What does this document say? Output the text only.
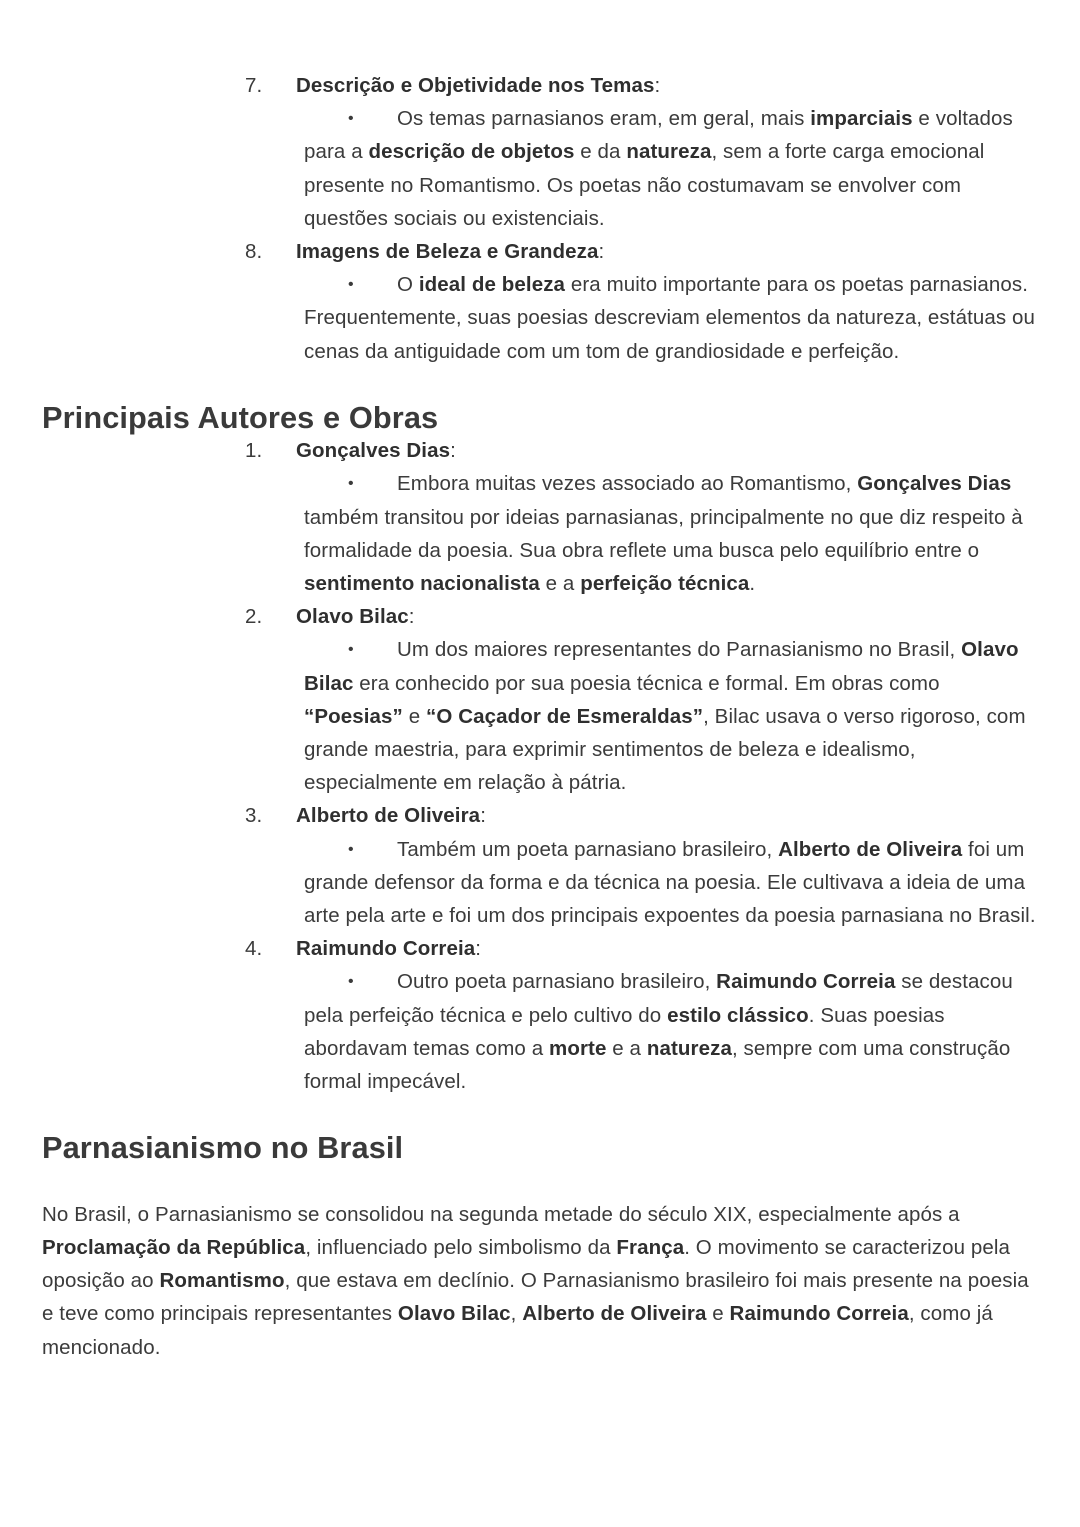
7. Descrição e Objetividade nos Temas:

• Os temas parnasianos eram, em geral, mais imparciais e voltados para a descrição de objetos e da natureza, sem a forte carga emocional presente no Romantismo. Os poetas não costumavam se envolver com questões sociais ou existenciais.

8. Imagens de Beleza e Grandeza:

• O ideal de beleza era muito importante para os poetas parnasianos. Frequentemente, suas poesias descreviam elementos da natureza, estátuas ou cenas da antiguidade com um tom de grandiosidade e perfeição.

Principais Autores e Obras
1. Gonçalves Dias:

• Embora muitas vezes associado ao Romantismo, Gonçalves Dias também transitou por ideias parnasianas, principalmente no que diz respeito à formalidade da poesia. Sua obra reflete uma busca pelo equilíbrio entre o sentimento nacionalista e a perfeição técnica.

2. Olavo Bilac:

• Um dos maiores representantes do Parnasianismo no Brasil, Olavo Bilac era conhecido por sua poesia técnica e formal. Em obras como “Poesias” e “O Caçador de Esmeraldas”, Bilac usava o verso rigoroso, com grande maestria, para exprimir sentimentos de beleza e idealismo, especialmente em relação à pátria.

3. Alberto de Oliveira:

• Também um poeta parnasiano brasileiro, Alberto de Oliveira foi um grande defensor da forma e da técnica na poesia. Ele cultivava a ideia de uma arte pela arte e foi um dos principais expoentes da poesia parnasiana no Brasil.

4. Raimundo Correia:

• Outro poeta parnasiano brasileiro, Raimundo Correia se destacou pela perfeição técnica e pelo cultivo do estilo clássico. Suas poesias abordavam temas como a morte e a natureza, sempre com uma construção formal impecável.

Parnasianismo no Brasil

No Brasil, o Parnasianismo se consolidou na segunda metade do século XIX, especialmente após a Proclamação da República, influenciado pelo simbolismo da França. O movimento se caracterizou pela oposição ao Romantismo, que estava em declínio. O Parnasianismo brasileiro foi mais presente na poesia e teve como principais representantes Olavo Bilac, Alberto de Oliveira e Raimundo Correia, como já mencionado.
